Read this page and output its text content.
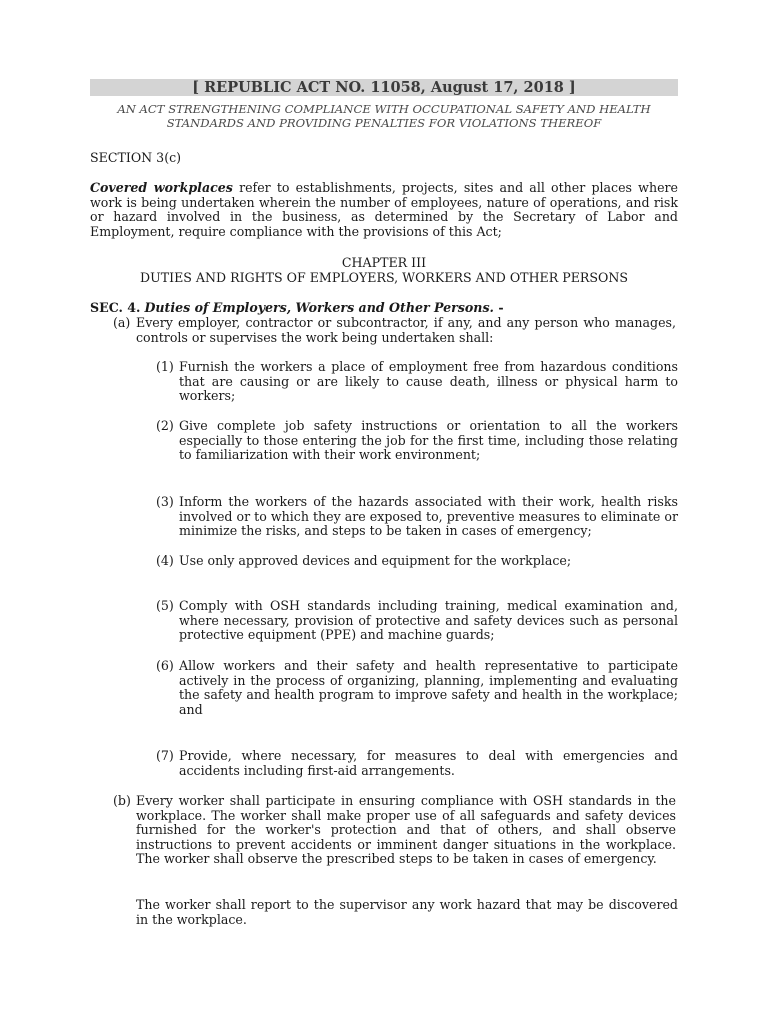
[ REPUBLIC ACT NO. 11058, August 17, 2018 ]
AN ACT STRENGTHENING COMPLIANCE WITH OCCUPATIONAL SAFETY AND HEALTH
STANDARDS AND PROVIDING PENALTIES FOR VIOLATIONS THEREOF
SECTION 3(c)
Covered workplaces refer to establishments, projects, sites and all other places where work is being undertaken wherein the number of employees, nature of operations, and risk or hazard involved in the business, as determined by the Secretary of Labor and Employment, require compliance with the provisions of this Act;
CHAPTER III
DUTIES AND RIGHTS OF EMPLOYERS, WORKERS AND OTHER PERSONS
SEC. 4. Duties of Employers, Workers and Other Persons. -
(a) Every employer, contractor or subcontractor, if any, and any person who manages, controls or supervises the work being undertaken shall:
(1) Furnish the workers a place of employment free from hazardous conditions that are causing or are likely to cause death, illness or physical harm to workers;
(2) Give complete job safety instructions or orientation to all the workers especially to those entering the job for the first time, including those relating to familiarization with their work environment;
(3) Inform the workers of the hazards associated with their work, health risks involved or to which they are exposed to, preventive measures to eliminate or minimize the risks, and steps to be taken in cases of emergency;
(4) Use only approved devices and equipment for the workplace;
(5) Comply with OSH standards including training, medical examination and, where necessary, provision of protective and safety devices such as personal protective equipment (PPE) and machine guards;
(6) Allow workers and their safety and health representative to participate actively in the process of organizing, planning, implementing and evaluating the safety and health program to improve safety and health in the workplace; and
(7) Provide, where necessary, for measures to deal with emergencies and accidents including first-aid arrangements.
(b) Every worker shall participate in ensuring compliance with OSH standards in the workplace. The worker shall make proper use of all safeguards and safety devices furnished for the worker's protection and that of others, and shall observe instructions to prevent accidents or imminent danger situations in the workplace. The worker shall observe the prescribed steps to be taken in cases of emergency.
The worker shall report to the supervisor any work hazard that may be discovered in the workplace.
